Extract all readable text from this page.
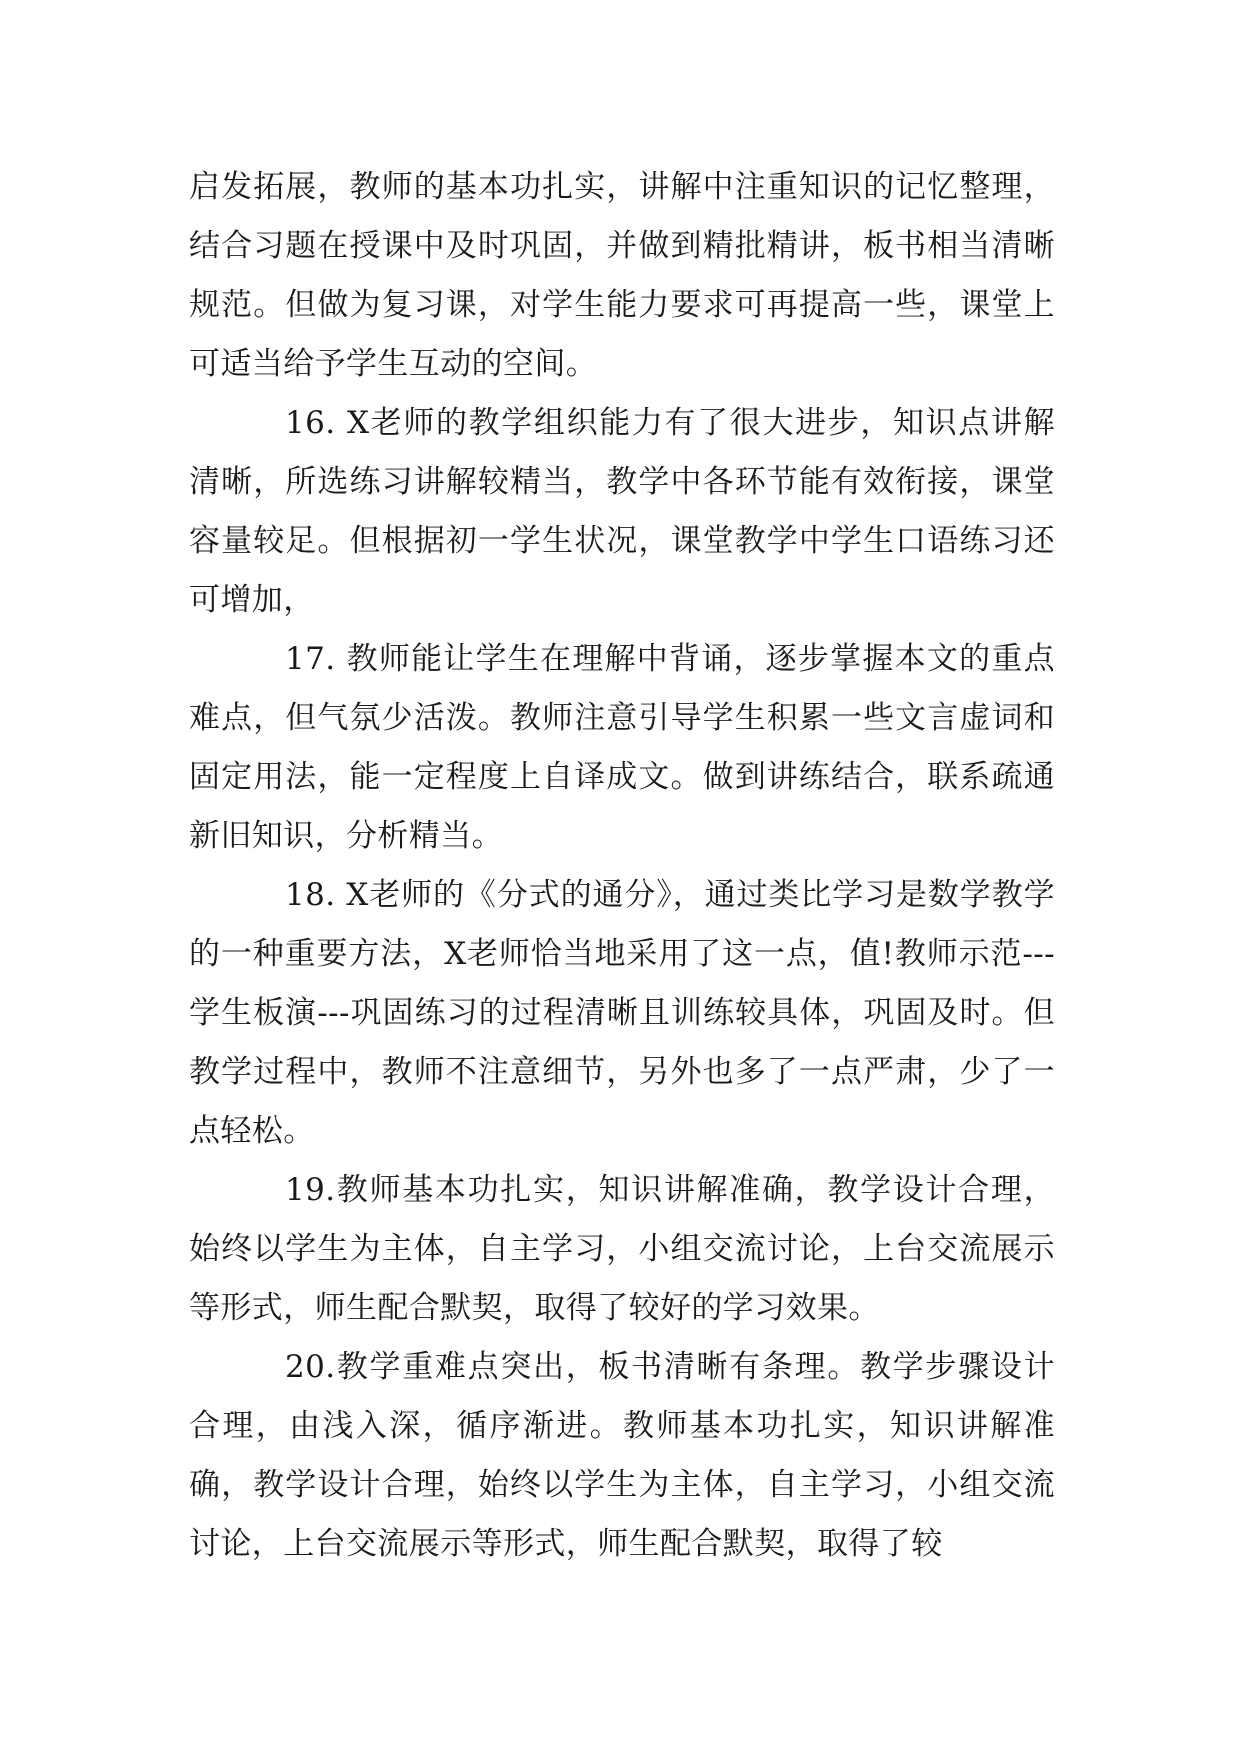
启发拓展，教师的基本功扎实，讲解中注重知识的记忆整理，结合习题在授课中及时巩固，并做到精批精讲，板书相当清晰规范。但做为复习课，对学生能力要求可再提高一些，课堂上可适当给予学生互动的空间。

16. X老师的教学组织能力有了很大进步，知识点讲解清晰，所选练习讲解较精当，教学中各环节能有效衔接，课堂容量较足。但根据初一学生状况，课堂教学中学生口语练习还可增加，

17. 教师能让学生在理解中背诵，逐步掌握本文的重点难点，但气氛少活泼。教师注意引导学生积累一些文言虚词和固定用法，能一定程度上自译成文。做到讲练结合，联系疏通新旧知识，分析精当。

18. X老师的《分式的通分》，通过类比学习是数学教学的一种重要方法，X老师恰当地采用了这一点，值!教师示范---学生板演---巩固练习的过程清晰且训练较具体，巩固及时。但教学过程中，教师不注意细节，另外也多了一点严肃，少了一点轻松。

19.教师基本功扎实，知识讲解准确，教学设计合理，始终以学生为主体，自主学习，小组交流讨论，上台交流展示等形式，师生配合默契，取得了较好的学习效果。

20.教学重难点突出，板书清晰有条理。教学步骤设计合理，由浅入深，循序渐进。教师基本功扎实，知识讲解准确，教学设计合理，始终以学生为主体，自主学习，小组交流讨论，上台交流展示等形式，师生配合默契，取得了较
